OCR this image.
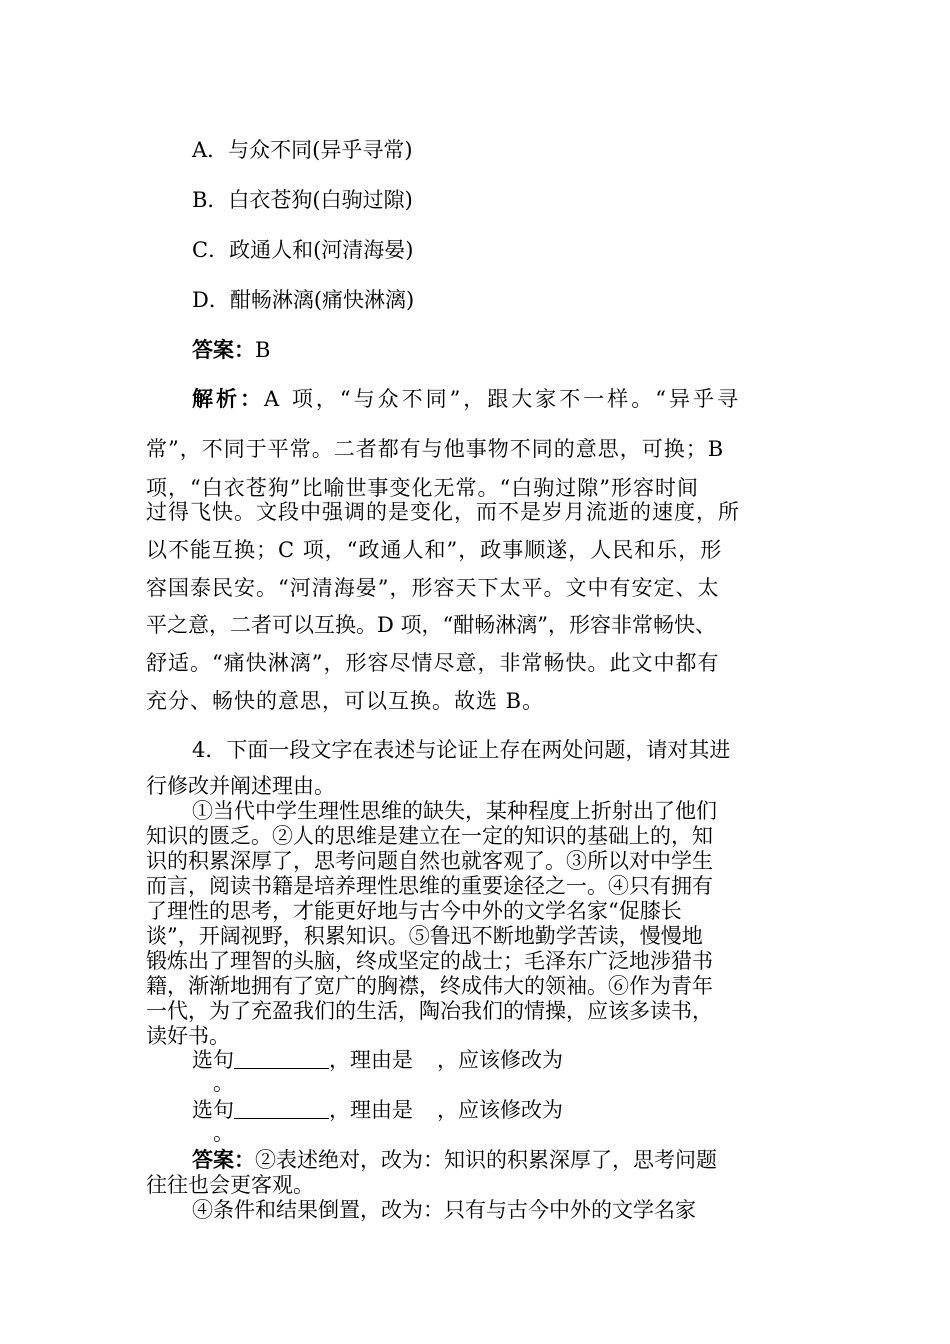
A．与众不同(异乎寻常)
B．白衣苍狗(白驹过隙)
C．政通人和(河清海晏)
D．酣畅淋漓(痛快淋漓)
答案：B
解析：A 项，“与众不同”，跟大家不一样。“异乎寻
常”，不同于平常。二者都有与他事物不同的意思，可换；B
项，“白衣苍狗”比喻世事变化无常。“白驹过隙”形容时间
过得飞快。文段中强调的是变化，而不是岁月流逝的速度，所
以不能互换；C 项，“政通人和”，政事顺遂，人民和乐，形
容国泰民安。“河清海晏”，形容天下太平。文中有安定、太
平之意，二者可以互换。D 项，“酣畅淋漓”，形容非常畅快、
舒适。“痛快淋漓”，形容尽情尽意，非常畅快。此文中都有
充分、畅快的意思，可以互换。故选 B。
4．下面一段文字在表述与论证上存在两处问题，请对其进
行修改并阐述理由。
①当代中学生理性思维的缺失，某种程度上折射出了他们
知识的匮乏。②人的思维是建立在一定的知识的基础上的，知
识的积累深厚了，思考问题自然也就客观了。③所以对中学生
而言，阅读书籍是培养理性思维的重要途径之一。④只有拥有
了理性的思考，才能更好地与古今中外的文学名家“促膝长
谈”，开阔视野，积累知识。⑤鲁迅不断地勤学苦读，慢慢地
锻炼出了理智的头脑，终成坚定的战士；毛泽东广泛地涉猎书
籍，渐渐地拥有了宽广的胸襟，终成伟大的领袖。⑥作为青年
一代，为了充盈我们的生活，陶冶我们的情操，应该多读书，
读好书。
选句	，理由是 ，应该修改为
。
选句	，理由是 ，应该修改为
。
答案：②表述绝对，改为：知识的积累深厚了，思考问题
往往也会更客观。
④条件和结果倒置，改为：只有与古今中外的文学名家
